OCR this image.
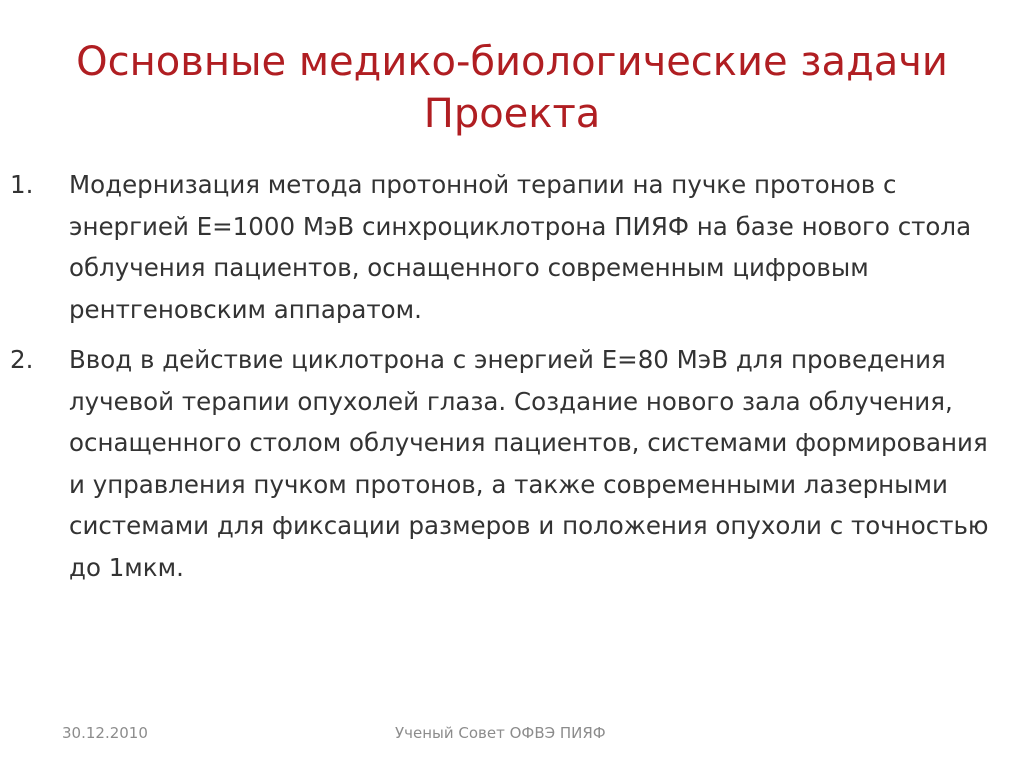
Основные медико-биологические задачи Проекта
1. Модернизация метода протонной терапии на пучке протонов с энергией Е=1000 МэВ синхроциклотрона ПИЯФ на базе нового стола облучения пациентов, оснащенного современным цифровым рентгеновским аппаратом.
2. Ввод в действие циклотрона с энергией Е=80 МэВ для проведения лучевой терапии опухолей глаза. Создание нового зала облучения, оснащенного столом облучения пациентов, системами формирования и управления пучком протонов, а также современными лазерными системами для фиксации размеров и положения опухоли с точностью до 1мкм.
30.12.2010	Ученый Совет ОФВЭ ПИЯФ
